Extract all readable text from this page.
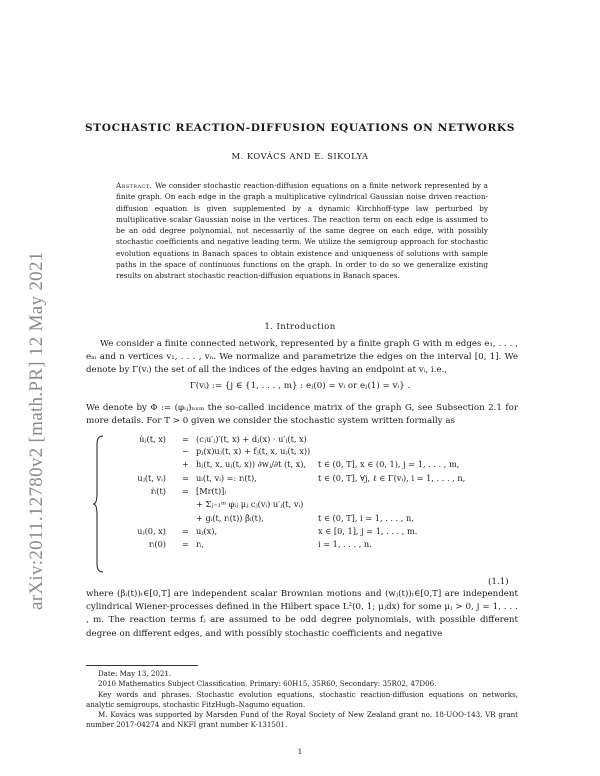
arXiv:2011.12780v2 [math.PR] 12 May 2021
STOCHASTIC REACTION-DIFFUSION EQUATIONS ON NETWORKS
M. KOVÁCS AND E. SIKOLYA
Abstract. We consider stochastic reaction-diffusion equations on a finite network represented by a finite graph. On each edge in the graph a multiplicative cylindrical Gaussian noise driven reaction-diffusion equation is given supplemented by a dynamic Kirchhoff-type law perturbed by multiplicative scalar Gaussian noise in the vertices. The reaction term on each edge is assumed to be an odd degree polynomial, not necessarily of the same degree on each edge, with possibly stochastic coefficients and negative leading term. We utilize the semigroup approach for stochastic evolution equations in Banach spaces to obtain existence and uniqueness of solutions with sample paths in the space of continuous functions on the graph. In order to do so we generalize existing results on abstract stochastic reaction-diffusion equations in Banach spaces.
1. Introduction
We consider a finite connected network, represented by a finite graph G with m edges e₁, . . . , eₘ and n vertices v₁, . . . , vₙ. We normalize and parametrize the edges on the interval [0, 1]. We denote by Γ(vᵢ) the set of all the indices of the edges having an endpoint at vᵢ, i.e.,
Γ(vᵢ) := {j ∈ {1, . . . , m} : eⱼ(0) = vᵢ or eⱼ(1) = vᵢ} .
We denote by Φ := (φᵢⱼ)ₙₓₘ the so-called incidence matrix of the graph G, see Subsection 2.1 for more details. For T > 0 given we consider the stochastic system written formally as
u̇ⱼ(t, x) = (cⱼu′ⱼ)′(t, x) + dⱼ(x) · u′ⱼ(t, x)
− pⱼ(x)uⱼ(t, x) + fⱼ(t, x, uⱼ(t, x))
+ hⱼ(t, x, uⱼ(t, x)) ∂wⱼ/∂t (t, x), t ∈ (0, T], x ∈ (0, 1), j = 1, . . . , m,
uⱼ(t, vᵢ) = uᵢ(t, vᵢ) =: rᵢ(t),	t ∈ (0, T], ∀j, ℓ ∈ Γ(vᵢ), i = 1, . . . , n,
ṙᵢ(t) = [Mr(t)]ᵢ
+ Σⱼ₌₁ᵐ φᵢⱼ μⱼ cⱼ(vᵢ) u′ⱼ(t, vᵢ)
+ gᵢ(t, rᵢ(t)) β̇ᵢ(t),	t ∈ (0, T], i = 1, . . . , n,
uⱼ(0, x) = uⱼ(x),	x ∈ [0, 1], j = 1, . . . , m.
rᵢ(0) = rᵢ,	i = 1, . . . , n.
(1.1)
where (βᵢ(t))ₜ∈[0,T] are independent scalar Brownian motions and (wⱼ(t))ₜ∈[0,T] are independent cylindrical Wiener-processes defined in the Hilbert space L²(0, 1; μⱼdx) for some μⱼ > 0, j = 1, . . . , m. The reaction terms fⱼ are assumed to be odd degree polynomials, with possible different degree on different edges, and with possibly stochastic coefficients and negative
Date: May 13, 2021.
2010 Mathematics Subject Classification. Primary: 60H15, 35R60, Secondary: 35R02, 47D06.
Key words and phrases. Stochastic evolution equations, stochastic reaction-diffusion equations on networks, analytic semigroups, stochastic FitzHugh–Nagumo equation.
M. Kovács was supported by Marsden Fund of the Royal Society of New Zealand grant no. 18-UOO-143, VR grant number 2017-04274 and NKFI grant number K-131501.
1
